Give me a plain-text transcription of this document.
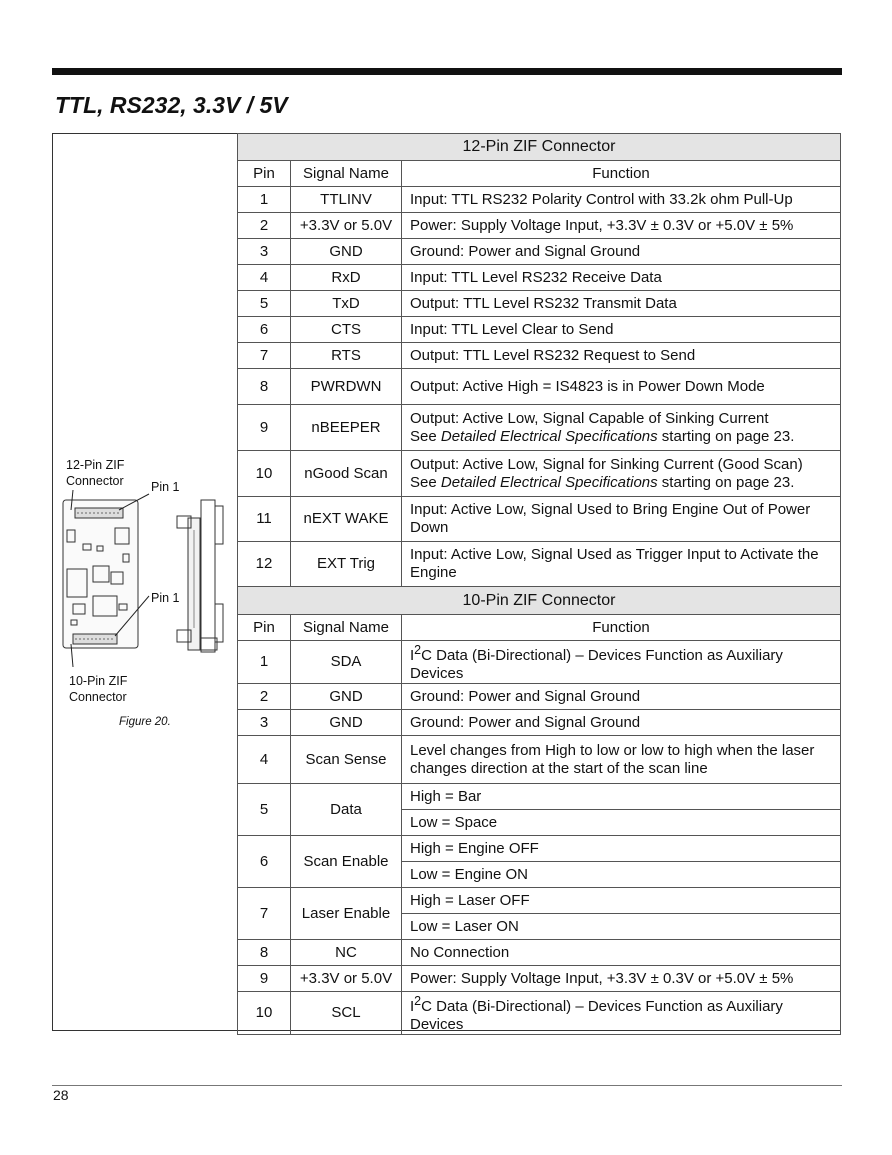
TTL, RS232, 3.3V / 5V
12-Pin ZIF
Connector Pin 1
Pin 1
10-Pin ZIF
Connector
Figure 20.
12-Pin ZIF Connector		
Pin	Signal Name	Function
1	TTLINV	Input: TTL RS232 Polarity Control with 33.2k ohm Pull-Up
2	+3.3V or 5.0V	Power: Supply Voltage Input, +3.3V ± 0.3V or +5.0V ± 5%
3	GND	Ground: Power and Signal Ground
4	RxD	Input: TTL Level RS232 Receive Data
5	TxD	Output: TTL Level RS232 Transmit Data
6	CTS	Input: TTL Level Clear to Send
7	RTS	Output: TTL Level RS232 Request to Send
8	PWRDWN	Output: Active High = IS4823 is in Power Down Mode
9	nBEEPER	Output: Active Low, Signal Capable of Sinking Current
See Detailed Electrical Specifications starting on page 23.

10	nGood Scan	Output: Active Low, Signal for Sinking Current (Good Scan)
See Detailed Electrical Specifications starting on page 23.

11	nEXT WAKE	Input: Active Low, Signal Used to Bring Engine Out of Power Down
12	EXT Trig	Input: Active Low, Signal Used as Trigger Input to Activate the Engine
10-Pin ZIF Connector		
Pin	Signal Name	Function
1	SDA	$I^2C$ Data (Bi-Directional) – Devices Function as Auxiliary Devices
2	GND	Ground: Power and Signal Ground
3	GND	Ground: Power and Signal Ground
4	Scan Sense	Level changes from High to low or low to high when the laser changes direction at the start of the scan line
5	Data	High = Bar
		Low = Space
6	Scan Enable	High = Engine OFF
		Low = Engine ON
7	Laser Enable	High = Laser OFF
		Low = Laser ON
8	NC	No Connection
9	+3.3V or 5.0V	Power: Supply Voltage Input, +3.3V ± 0.3V or +5.0V ± 5%
10	SCL	$I^2C$ Data (Bi-Directional) – Devices Function as Auxiliary Devices
28
